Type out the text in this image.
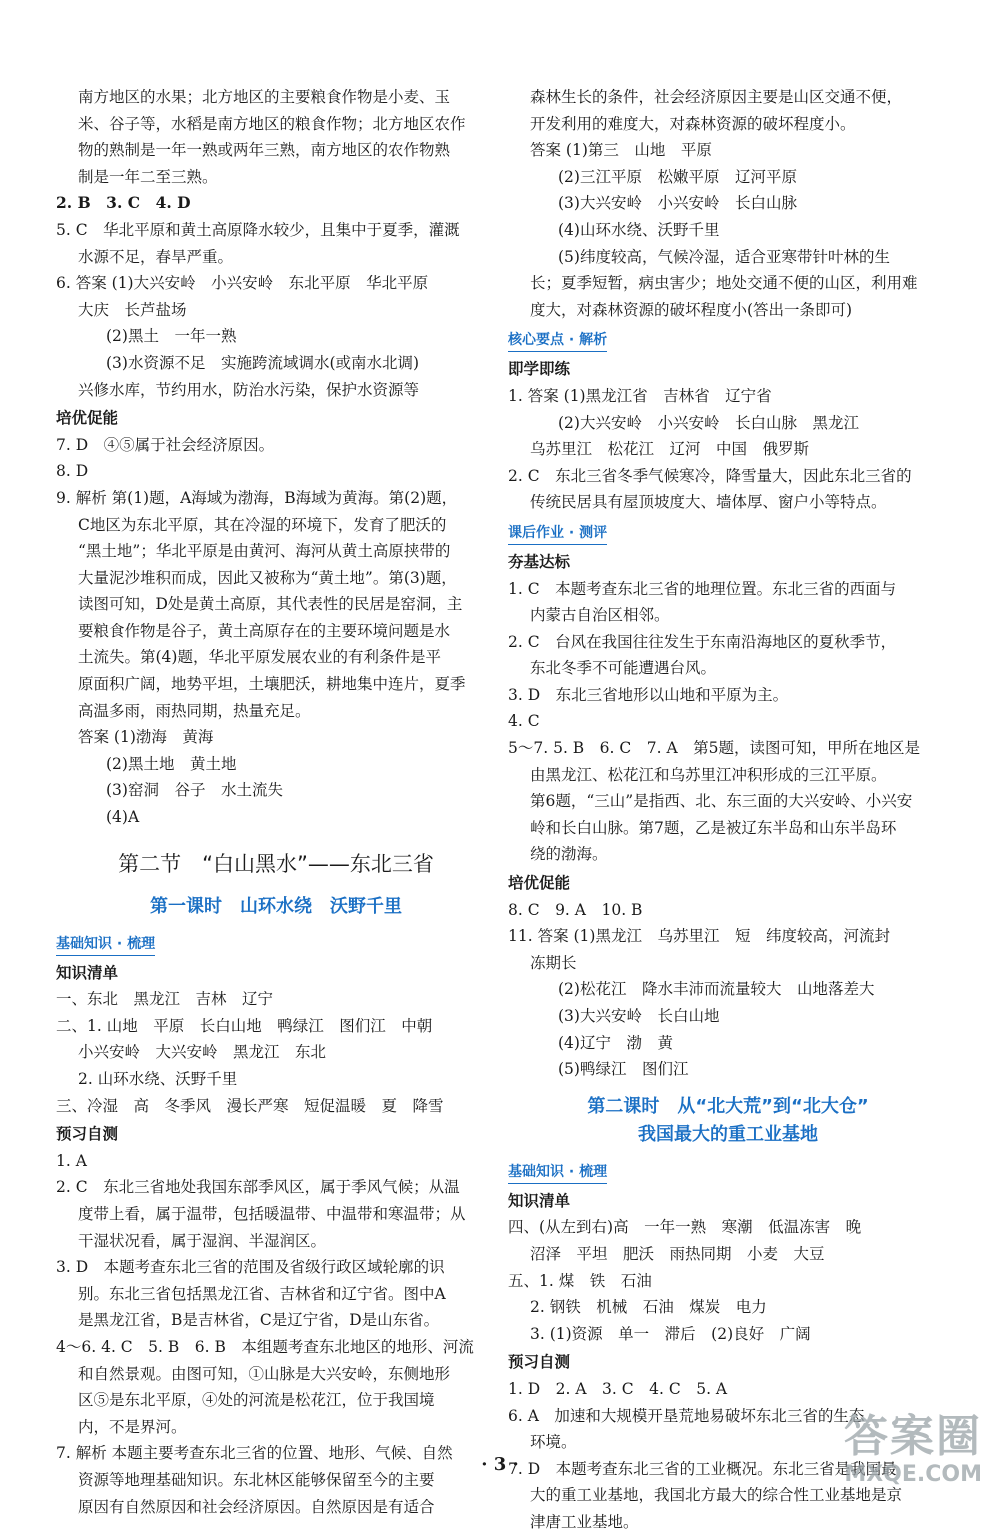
南方地区的水果；北方地区的主要粮食作物是小麦、玉
米、谷子等，水稻是南方地区的粮食作物；北方地区农作
物的熟制是一年一熟或两年三熟，南方地区的农作物熟
制是一年二至三熟。
2. B　3. C　4. D
5. C　华北平原和黄土高原降水较少，且集中于夏季，灌溉
水源不足，春旱严重。
6. 答案 (1)大兴安岭　小兴安岭　东北平原　华北平原
大庆　长芦盐场
(2)黑土　一年一熟
(3)水资源不足　实施跨流域调水(或南水北调)
兴修水库，节约用水，防治水污染，保护水资源等
培优促能
7. D　④⑤属于社会经济原因。
8. D
9. 解析 第(1)题，A海域为渤海，B海域为黄海。第(2)题，
C地区为东北平原，其在冷湿的环境下，发育了肥沃的
“黑土地”；华北平原是由黄河、海河从黄土高原挟带的
大量泥沙堆积而成，因此又被称为“黄土地”。第(3)题，
读图可知，D处是黄土高原，其代表性的民居是窑洞，主
要粮食作物是谷子，黄土高原存在的主要环境问题是水
土流失。第(4)题，华北平原发展农业的有利条件是平
原面积广阔，地势平坦，土壤肥沃，耕地集中连片，夏季
高温多雨，雨热同期，热量充足。
答案 (1)渤海　黄海
(2)黑土地　黄土地
(3)窑洞　谷子　水土流失
(4)A
第二节　“白山黑水”——东北三省
第一课时　山环水绕　沃野千里
基础知识 · 梳理
知识清单
一、东北　黑龙江　吉林　辽宁
二、1. 山地　平原　长白山地　鸭绿江　图们江　中朝
小兴安岭　大兴安岭　黑龙江　东北
2. 山环水绕、沃野千里
三、冷湿　高　冬季风　漫长严寒　短促温暖　夏　降雪
预习自测
1. A
2. C　东北三省地处我国东部季风区，属于季风气候；从温
度带上看，属于温带，包括暖温带、中温带和寒温带；从
干湿状况看，属于湿润、半湿润区。
3. D　本题考查东北三省的范围及省级行政区域轮廓的识
别。东北三省包括黑龙江省、吉林省和辽宁省。图中A
是黑龙江省，B是吉林省，C是辽宁省，D是山东省。
4～6. 4. C　5. B　6. B　本组题考查东北地区的地形、河流
和自然景观。由图可知，①山脉是大兴安岭，东侧地形
区⑤是东北平原，④处的河流是松花江，位于我国境
内，不是界河。
7. 解析 本题主要考查东北三省的位置、地形、气候、自然
资源等地理基础知识。东北林区能够保留至今的主要
原因有自然原因和社会经济原因。自然原因是有适合
森林生长的条件，社会经济原因主要是山区交通不便，
开发利用的难度大，对森林资源的破坏程度小。
答案 (1)第三　山地　平原
(2)三江平原　松嫩平原　辽河平原
(3)大兴安岭　小兴安岭　长白山脉
(4)山环水绕、沃野千里
(5)纬度较高，气候冷湿，适合亚寒带针叶林的生
长；夏季短暂，病虫害少；地处交通不便的山区，利用难
度大，对森林资源的破坏程度小(答出一条即可)
核心要点 · 解析
即学即练
1. 答案 (1)黑龙江省　吉林省　辽宁省
(2)大兴安岭　小兴安岭　长白山脉　黑龙江
乌苏里江　松花江　辽河　中国　俄罗斯
2. C　东北三省冬季气候寒冷，降雪量大，因此东北三省的
传统民居具有屋顶坡度大、墙体厚、窗户小等特点。
课后作业 · 测评
夯基达标
1. C　本题考查东北三省的地理位置。东北三省的西面与
内蒙古自治区相邻。
2. C　台风在我国往往发生于东南沿海地区的夏秋季节，
东北冬季不可能遭遇台风。
3. D　东北三省地形以山地和平原为主。
4. C
5～7. 5. B　6. C　7. A　第5题，读图可知，甲所在地区是
由黑龙江、松花江和乌苏里江冲积形成的三江平原。
第6题，“三山”是指西、北、东三面的大兴安岭、小兴安
岭和长白山脉。第7题，乙是被辽东半岛和山东半岛环
绕的渤海。
培优促能
8. C　9. A　10. B
11. 答案 (1)黑龙江　乌苏里江　短　纬度较高，河流封
冻期长
(2)松花江　降水丰沛而流量较大　山地落差大
(3)大兴安岭　长白山地
(4)辽宁　渤　黄
(5)鸭绿江　图们江
第二课时　从“北大荒”到“北大仓”
我国最大的重工业基地
基础知识 · 梳理
知识清单
四、(从左到右)高　一年一熟　寒潮　低温冻害　晚
沼泽　平坦　肥沃　雨热同期　小麦　大豆
五、1. 煤　铁　石油
2. 钢铁　机械　石油　煤炭　电力
3. (1)资源　单一　滞后　(2)良好　广阔
预习自测
1. D　2. A　3. C　4. C　5. A
6. A　加速和大规模开垦荒地易破坏东北三省的生态
环境。
7. D　本题考查东北三省的工业概况。东北三省是我国最
大的重工业基地，我国北方最大的综合性工业基地是京
津唐工业基地。
· 3 ·
答案圈
MXQE.COM
